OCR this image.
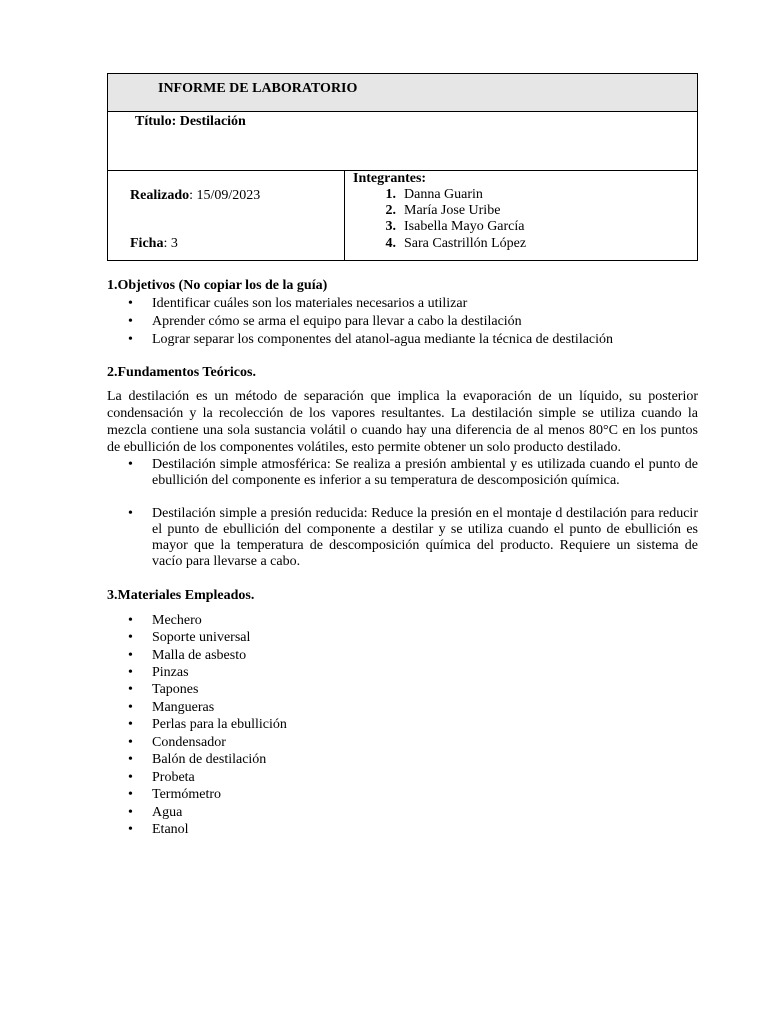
INFORME DE LABORATORIO
Título: Destilación
Realizado: 15/09/2023
Ficha: 3
Integrantes:
1. Danna Guarin
2. María Jose Uribe
3. Isabella Mayo García
4. Sara Castrillón López
1.Objetivos (No copiar los de la guía)
• Identificar cuáles son los materiales necesarios a utilizar
• Aprender cómo se arma el equipo para llevar a cabo la destilación
• Lograr separar los componentes del atanol-agua mediante la técnica de destilación
2.Fundamentos Teóricos.
La destilación es un método de separación que implica la evaporación de un líquido, su posterior condensación y la recolección de los vapores resultantes. La destilación simple se utiliza cuando la mezcla contiene una sola sustancia volátil o cuando hay una diferencia de al menos 80°C en los puntos de ebullición de los componentes volátiles, esto permite obtener un solo producto destilado.
• Destilación simple atmosférica: Se realiza a presión ambiental y es utilizada cuando el punto de ebullición del componente es inferior a su temperatura de descomposición química.
• Destilación simple a presión reducida: Reduce la presión en el montaje d destilación para reducir el punto de ebullición del componente a destilar y se utiliza cuando el punto de ebullición es mayor que la temperatura de descomposición química del producto. Requiere un sistema de vacío para llevarse a cabo.
3.Materiales Empleados.
• Mechero
• Soporte universal
• Malla de asbesto
• Pinzas
• Tapones
• Mangueras
• Perlas para la ebullición
• Condensador
• Balón de destilación
• Probeta
• Termómetro
• Agua
• Etanol
